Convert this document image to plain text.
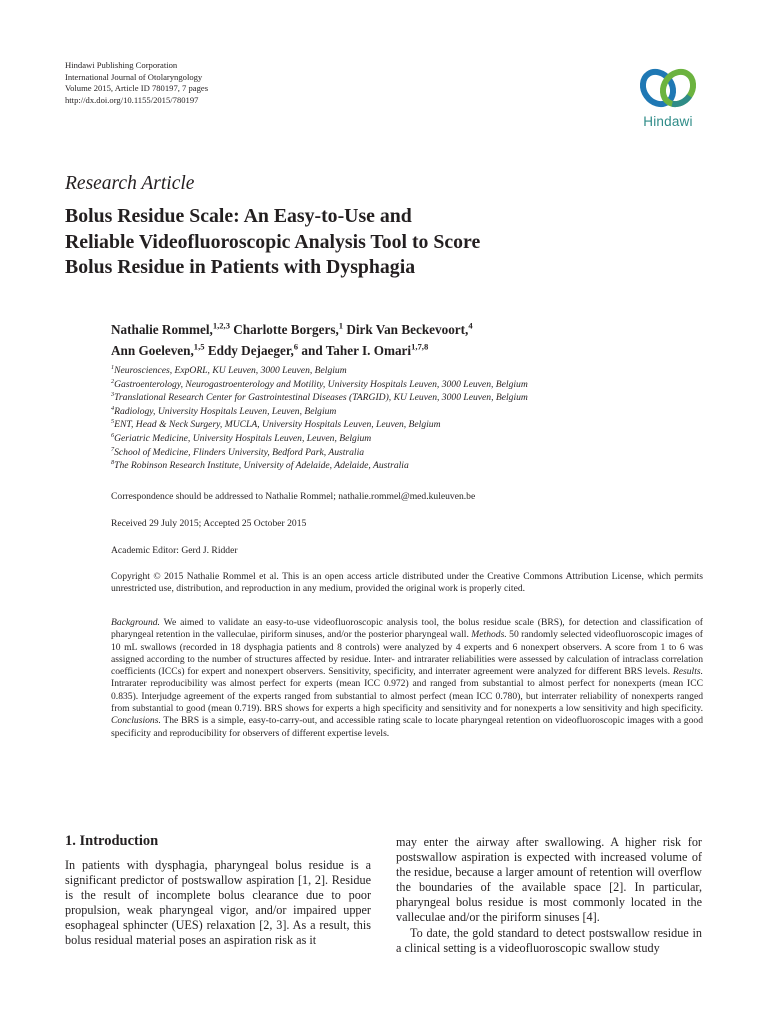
Hindawi Publishing Corporation
International Journal of Otolaryngology
Volume 2015, Article ID 780197, 7 pages
http://dx.doi.org/10.1155/2015/780197
Hindawi
Research Article
Bolus Residue Scale: An Easy-to-Use and
Reliable Videofluoroscopic Analysis Tool to Score
Bolus Residue in Patients with Dysphagia
Nathalie Rommel,$^{1,2,3}$ Charlotte Borgers,$^1$ Dirk Van Beckevoort,$^4$
Ann Goeleven,$^{1,5}$ Eddy Dejaeger,$^6$ and Taher I. Omari$^{1,7,8}$
$^1$Neurosciences, ExpORL, KU Leuven, 3000 Leuven, Belgium
$^2$Gastroenterology, Neurogastroenterology and Motility, University Hospitals Leuven, 3000 Leuven, Belgium
$^3$Translational Research Center for Gastrointestinal Diseases (TARGID), KU Leuven, 3000 Leuven, Belgium
$^4$Radiology, University Hospitals Leuven, Leuven, Belgium
$^5$ENT, Head & Neck Surgery, MUCLA, University Hospitals Leuven, Leuven, Belgium
$^6$Geriatric Medicine, University Hospitals Leuven, Leuven, Belgium
$^7$School of Medicine, Flinders University, Bedford Park, Australia
$^8$The Robinson Research Institute, University of Adelaide, Adelaide, Australia
Correspondence should be addressed to Nathalie Rommel; nathalie.rommel@med.kuleuven.be
Received 29 July 2015; Accepted 25 October 2015
Academic Editor: Gerd J. Ridder
Copyright © 2015 Nathalie Rommel et al. This is an open access article distributed under the Creative Commons Attribution License, which permits unrestricted use, distribution, and reproduction in any medium, provided the original work is properly cited.
Background. We aimed to validate an easy-to-use videofluoroscopic analysis tool, the bolus residue scale (BRS), for detection and classification of pharyngeal retention in the valleculae, piriform sinuses, and/or the posterior pharyngeal wall. Methods. 50 randomly selected videofluoroscopic images of 10 mL swallows (recorded in 18 dysphagia patients and 8 controls) were analyzed by 4 experts and 6 nonexpert observers. A score from 1 to 6 was assigned according to the number of structures affected by residue. Inter- and intrarater reliabilities were assessed by calculation of intraclass correlation coefficients (ICCs) for expert and nonexpert observers. Sensitivity, specificity, and interrater agreement were analyzed for different BRS levels. Results. Intrarater reproducibility was almost perfect for experts (mean ICC 0.972) and ranged from substantial to almost perfect for nonexperts (mean ICC 0.835). Interjudge agreement of the experts ranged from substantial to almost perfect (mean ICC 0.780), but interrater reliability of nonexperts ranged from substantial to good (mean 0.719). BRS shows for experts a high specificity and sensitivity and for nonexperts a low sensitivity and high specificity. Conclusions. The BRS is a simple, easy-to-carry-out, and accessible rating scale to locate pharyngeal retention on videofluoroscopic images with a good specificity and reproducibility for observers of different expertise levels.
1. Introduction

In patients with dysphagia, pharyngeal bolus residue is a significant predictor of postswallow aspiration [1, 2]. Residue is the result of incomplete bolus clearance due to poor propulsion, weak pharyngeal vigor, and/or impaired upper esophageal sphincter (UES) relaxation [2, 3]. As a result, this bolus residual material poses an aspiration risk as it

may enter the airway after swallowing. A higher risk for postswallow aspiration is expected with increased volume of the residue, because a larger amount of retention will overflow the boundaries of the available space [2]. In particular, pharyngeal bolus residue is most commonly located in the valleculae and/or the piriform sinuses [4].

To date, the gold standard to detect postswallow residue in a clinical setting is a videofluoroscopic swallow study
